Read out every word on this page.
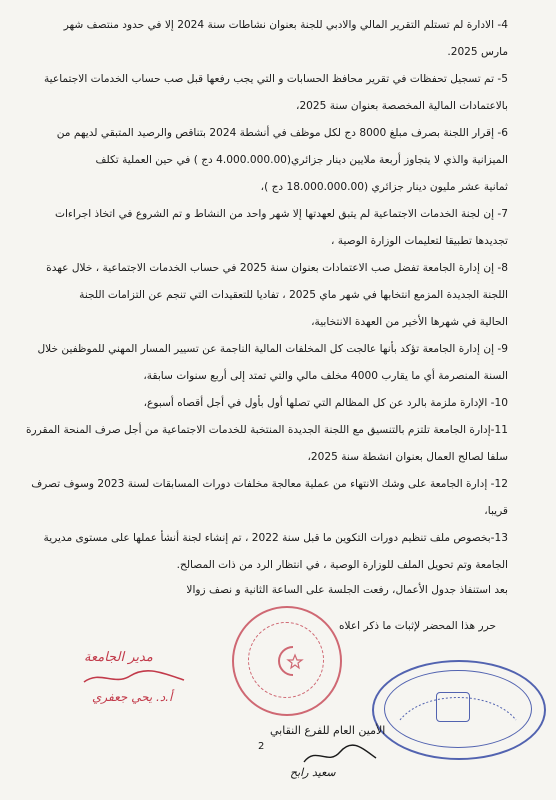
4- الادارة لم تستلم التقرير المالي والادبي للجنة بعنوان نشاطات سنة 2024 إلا في حدود منتصف شهر
مارس 2025.
5- تم تسجيل تحفظات في تقرير محافظ الحسابات و التي يجب رفعها قبل صب حساب الخدمات الاجتماعية
بالاعتمادات المالية المخصصة بعنوان سنة 2025،
6- إقرار اللجنة بصرف مبلغ 8000 دج لكل موظف في أنشطة 2024 بتناقص والرصيد المتبقي لديهم من
الميزانية والذي لا يتجاوز أربعة ملايين دينار جزائري(4.000.000.00 دج ) في حين العملية تكلف
ثمانية عشر مليون دينار جزائري (18.000.000.00 دج )،
7- إن لجنة الخدمات الاجتماعية لم يتبق لعهدتها إلا شهر واحد من النشاط و تم الشروع في اتخاذ اجراءات
تجديدها تطبيقا لتعليمات الوزارة الوصية ،
8- إن إدارة الجامعة تفضل صب الاعتمادات بعنوان سنة 2025 في حساب الخدمات الاجتماعية ، خلال عهدة
اللجنة الجديدة المزمع انتخابها في شهر ماي 2025 ، تفاديا للتعقيدات التي تنجم عن التزامات اللجنة
الحالية في شهرها الأخير من العهدة الانتخابية،
9- إن إدارة الجامعة تؤكد بأنها عالجت كل المخلفات المالية الناجمة عن تسيير المسار المهني للموظفين خلال
السنة المنصرمة أي ما يقارب 4000 مخلف مالي والتي تمتد إلى أربع سنوات سابقة،
10- الإدارة ملزمة بالرد عن كل المظالم التي تصلها أول بأول في أجل أقصاه أسبوع،
11-إدارة الجامعة تلتزم بالتنسيق مع اللجنة الجديدة المنتخبة للخدمات الاجتماعية من أجل صرف المنحة المقررة
سلفا لصالح العمال بعنوان انشطة سنة 2025،
12- إدارة الجامعة على وشك الانتهاء من عملية معالجة مخلفات دورات المسابقات لسنة 2023 وسوف تصرف
قريبا،
13-بخصوص ملف تنظيم دورات التكوين ما قبل سنة 2022 ، تم إنشاء لجنة أنشأ عملها على مستوى مديرية
الجامعة وتم تحويل الملف للوزارة الوصية ، في انتظار الرد من ذات المصالح.
بعد استنفاذ جدول الأعمال، رفعت الجلسة على الساعة الثانية و نصف زوالا
حرر هذا المحضر لإثبات ما ذكر اعلاه
مدير الجامعة
أ.د. يحي جعفري
الأمين العام للفرع النقابي
سعيد رابح
2
